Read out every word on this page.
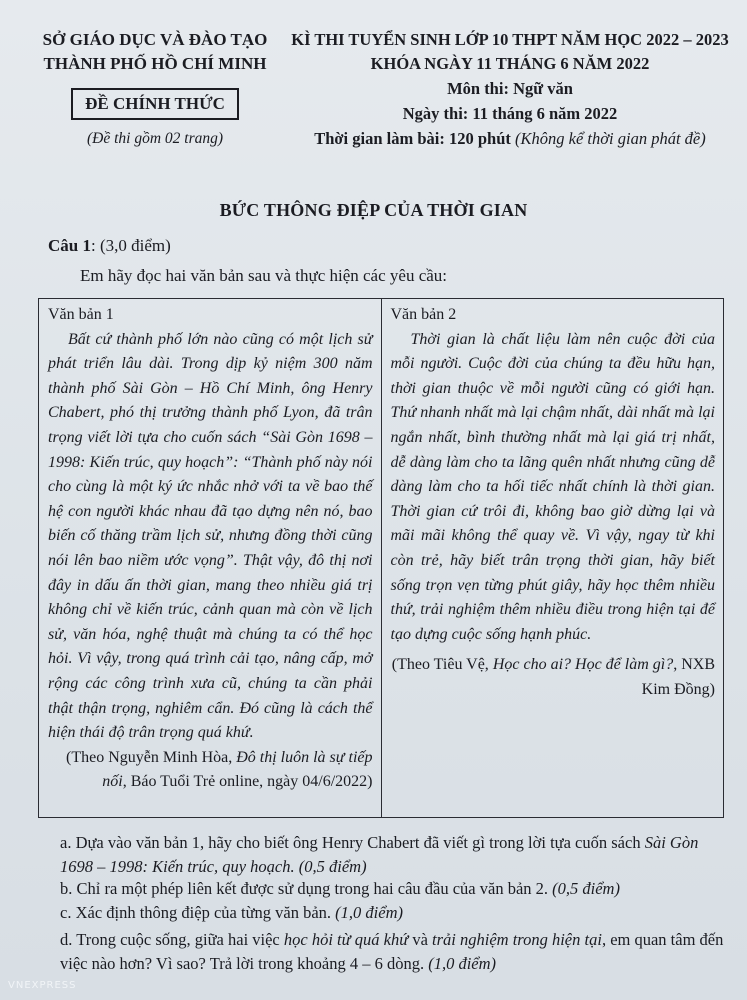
SỞ GIÁO DỤC VÀ ĐÀO TẠO
THÀNH PHỐ HỒ CHÍ MINH
ĐỀ CHÍNH THỨC
(Đề thi gồm 02 trang)
KÌ THI TUYỂN SINH LỚP 10 THPT NĂM HỌC 2022 – 2023
KHÓA NGÀY 11 THÁNG 6 NĂM 2022
Môn thi: Ngữ văn
Ngày thi: 11 tháng 6 năm 2022
Thời gian làm bài: 120 phút (Không kể thời gian phát đề)
BỨC THÔNG ĐIỆP CỦA THỜI GIAN
Câu 1: (3,0 điểm)
Em hãy đọc hai văn bản sau và thực hiện các yêu cầu:
Văn bản 1
Bất cứ thành phố lớn nào cũng có một lịch sử phát triển lâu dài. Trong dịp kỷ niệm 300 năm thành phố Sài Gòn – Hồ Chí Minh, ông Henry Chabert, phó thị trưởng thành phố Lyon, đã trân trọng viết lời tựa cho cuốn sách “Sài Gòn 1698 – 1998: Kiến trúc, quy hoạch”: “Thành phố này nói cho cùng là một ký ức nhắc nhở với ta về bao thế hệ con người khác nhau đã tạo dựng nên nó, bao biến cố thăng trầm lịch sử, nhưng đồng thời cũng nói lên bao niềm ước vọng”. Thật vậy, đô thị nơi đây in dấu ấn thời gian, mang theo nhiều giá trị không chỉ về kiến trúc, cảnh quan mà còn về lịch sử, văn hóa, nghệ thuật mà chúng ta có thể học hỏi. Vì vậy, trong quá trình cải tạo, nâng cấp, mở rộng các công trình xưa cũ, chúng ta cần phải thật thận trọng, nghiêm cẩn. Đó cũng là cách thể hiện thái độ trân trọng quá khứ.
(Theo Nguyễn Minh Hòa, Đô thị luôn là sự tiếp nối, Báo Tuổi Trẻ online, ngày 04/6/2022)
Văn bản 2
Thời gian là chất liệu làm nên cuộc đời của mỗi người. Cuộc đời của chúng ta đều hữu hạn, thời gian thuộc về mỗi người cũng có giới hạn. Thứ nhanh nhất mà lại chậm nhất, dài nhất mà lại ngắn nhất, bình thường nhất mà lại giá trị nhất, dễ dàng làm cho ta lãng quên nhất nhưng cũng dễ dàng làm cho ta hối tiếc nhất chính là thời gian. Thời gian cứ trôi đi, không bao giờ dừng lại và mãi mãi không thể quay về. Vì vậy, ngay từ khi còn trẻ, hãy biết trân trọng thời gian, hãy biết sống trọn vẹn từng phút giây, hãy học thêm nhiều thứ, trải nghiệm thêm nhiều điều trong hiện tại để tạo dựng cuộc sống hạnh phúc.
(Theo Tiêu Vệ, Học cho ai? Học để làm gì?, NXB Kim Đồng)
a. Dựa vào văn bản 1, hãy cho biết ông Henry Chabert đã viết gì trong lời tựa cuốn sách Sài Gòn 1698 – 1998: Kiến trúc, quy hoạch. (0,5 điểm)
b. Chỉ ra một phép liên kết được sử dụng trong hai câu đầu của văn bản 2. (0,5 điểm)
c. Xác định thông điệp của từng văn bản. (1,0 điểm)
d. Trong cuộc sống, giữa hai việc học hỏi từ quá khứ và trải nghiệm trong hiện tại, em quan tâm đến việc nào hơn? Vì sao? Trả lời trong khoảng 4 – 6 dòng. (1,0 điểm)
VNEXPRESS
